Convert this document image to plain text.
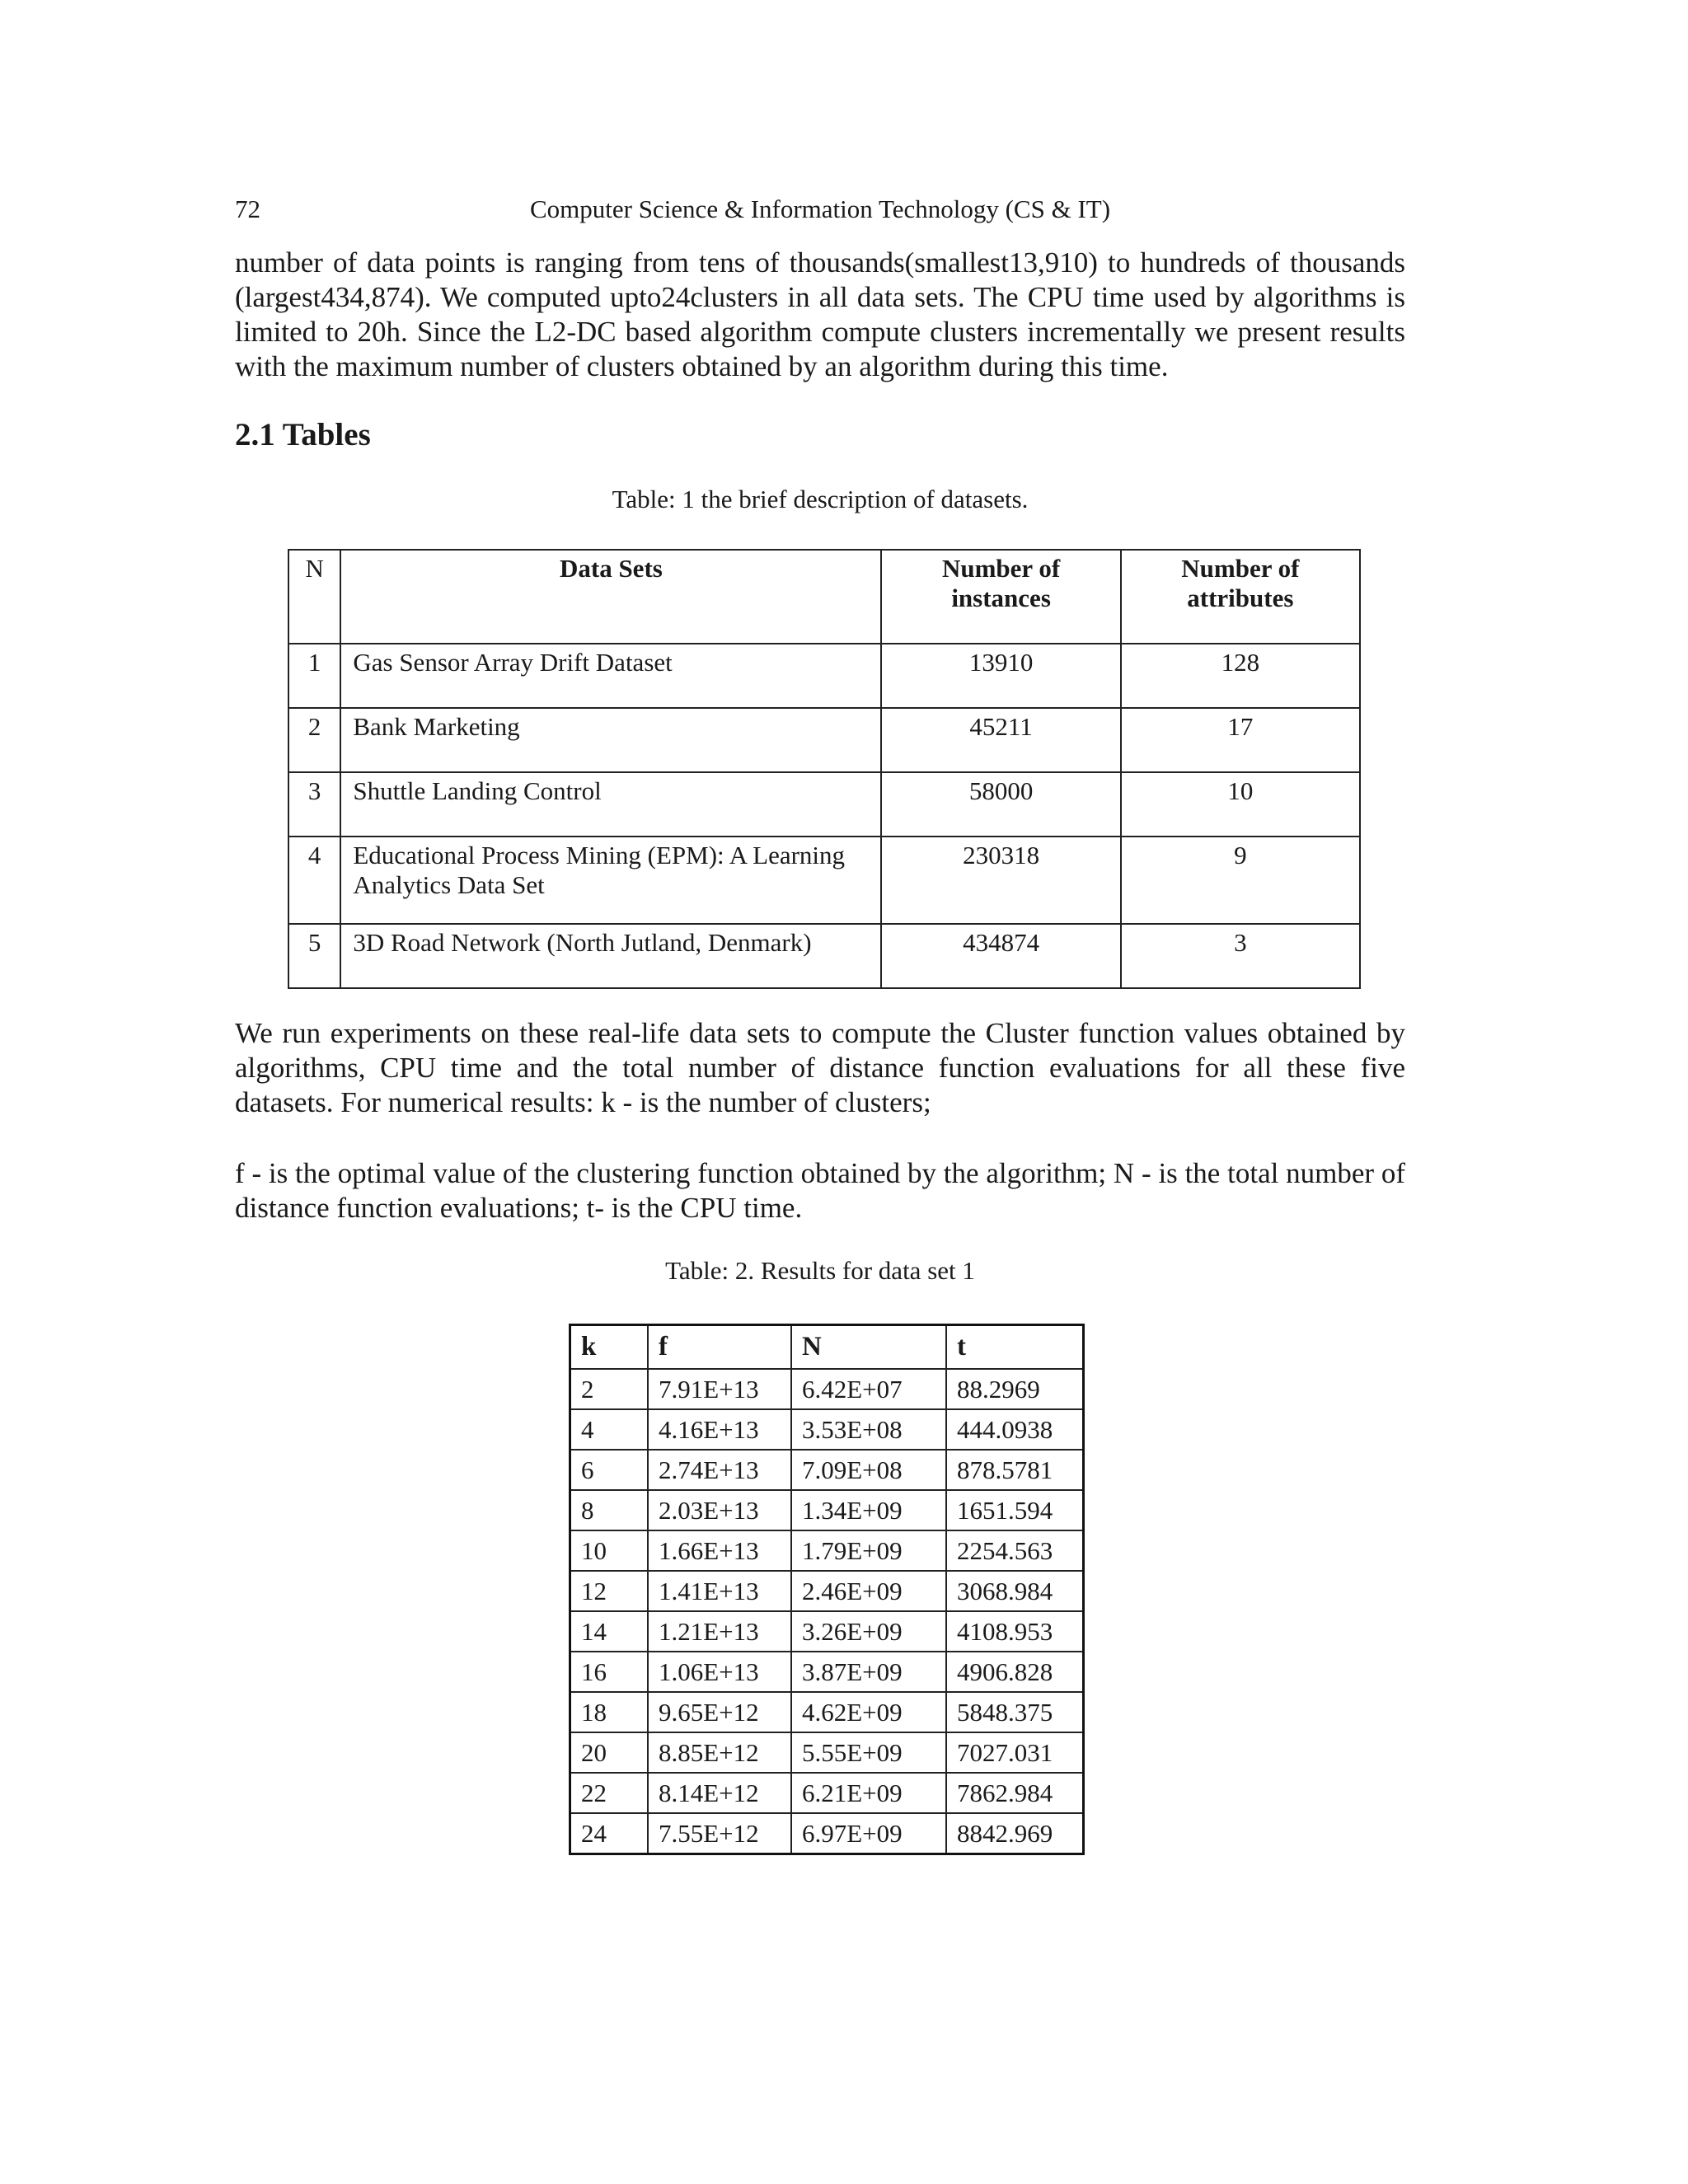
72	Computer Science & Information Technology (CS & IT)

number of data points is ranging from tens of thousands(smallest13,910) to hundreds of thousands (largest434,874). We computed upto24clusters in all data sets. The CPU time used by algorithms is limited to 20h. Since the L2-DC based algorithm compute clusters incrementally we present results with the maximum number of clusters obtained by an algorithm during this time.

2.1 Tables
Table: 1 the brief description of datasets.
N	Data Sets	Number of instances	Number of attributes
1	Gas Sensor Array Drift Dataset	13910	128
2	Bank Marketing	45211	17
3	Shuttle Landing Control	58000	10
4	Educational Process Mining (EPM): A Learning Analytics Data Set	230318	9
5	3D Road Network (North Jutland, Denmark)	434874	3

We run experiments on these real-life data sets to compute the Cluster function values obtained by algorithms, CPU time and the total number of distance function evaluations for all these five datasets. For numerical results: k - is the number of clusters;

f - is the optimal value of the clustering function obtained by the algorithm; N - is the total number of distance function evaluations; t- is the CPU time.

Table: 2. Results for data set 1
k	f	N	t
2	7.91E+13	6.42E+07	88.2969
4	4.16E+13	3.53E+08	444.0938
6	2.74E+13	7.09E+08	878.5781
8	2.03E+13	1.34E+09	1651.594
10	1.66E+13	1.79E+09	2254.563
12	1.41E+13	2.46E+09	3068.984
14	1.21E+13	3.26E+09	4108.953
16	1.06E+13	3.87E+09	4906.828
18	9.65E+12	4.62E+09	5848.375
20	8.85E+12	5.55E+09	7027.031
22	8.14E+12	6.21E+09	7862.984
24	7.55E+12	6.97E+09	8842.969
